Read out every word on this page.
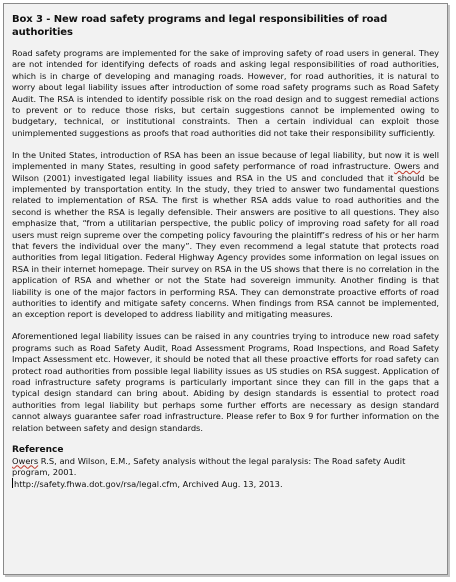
Box 3 - New road safety programs and legal responsibilities of road authorities

Road safety programs are implemented for the sake of improving safety of road users in general. They are not intended for identifying defects of roads and asking legal responsibilities of road authorities, which is in charge of developing and managing roads. However, for road authorities, it is natural to worry about legal liability issues after introduction of some road safety programs such as Road Safety Audit. The RSA is intended to identify possible risk on the road design and to suggest remedial actions to prevent or to reduce those risks, but certain suggestions cannot be implemented owing to budgetary, technical, or institutional constraints. Then a certain individual can exploit those unimplemented suggestions as proofs that road authorities did not take their responsibility sufficiently.

In the United States, introduction of RSA has been an issue because of legal liability, but now it is well implemented in many States, resulting in good safety performance of road infrastructure. Owers and Wilson (2001) investigated legal liability issues and RSA in the US and concluded that it should be implemented by transportation entity. In the study, they tried to answer two fundamental questions related to implementation of RSA. The first is whether RSA adds value to road authorities and the second is whether the RSA is legally defensible. Their answers are positive to all questions. They also emphasize that, “from a utilitarian perspective, the public policy of improving road safety for all road users must reign supreme over the competing policy favouring the plaintiff’s redress of his or her harm that fevers the individual over the many”. They even recommend a legal statute that protects road authorities from legal litigation. Federal Highway Agency provides some information on legal issues on RSA in their internet homepage. Their survey on RSA in the US shows that there is no correlation in the application of RSA and whether or not the State had sovereign immunity. Another finding is that liability is one of the major factors in performing RSA. They can demonstrate proactive efforts of road authorities to identify and mitigate safety concerns. When findings from RSA cannot be implemented, an exception report is developed to address liability and mitigating measures.

Aforementioned legal liability issues can be raised in any countries trying to introduce new road safety programs such as Road Safety Audit, Road Assessment Programs, Road Inspections, and Road Safety Impact Assessment etc. However, it should be noted that all these proactive efforts for road safety can protect road authorities from possible legal liability issues as US studies on RSA suggest. Application of road infrastructure safety programs is particularly important since they can fill in the gaps that a typical design standard can bring about. Abiding by design standards is essential to protect road authorities from legal liability but perhaps some further efforts are necessary as design standard cannot always guarantee safer road infrastructure. Please refer to Box 9 for further information on the relation between safety and design standards.

Reference

Owers R.S, and Wilson, E.M., Safety analysis without the legal paralysis: The Road safety Audit program, 2001.

http://safety.fhwa.dot.gov/rsa/legal.cfm, Archived Aug. 13, 2013.
